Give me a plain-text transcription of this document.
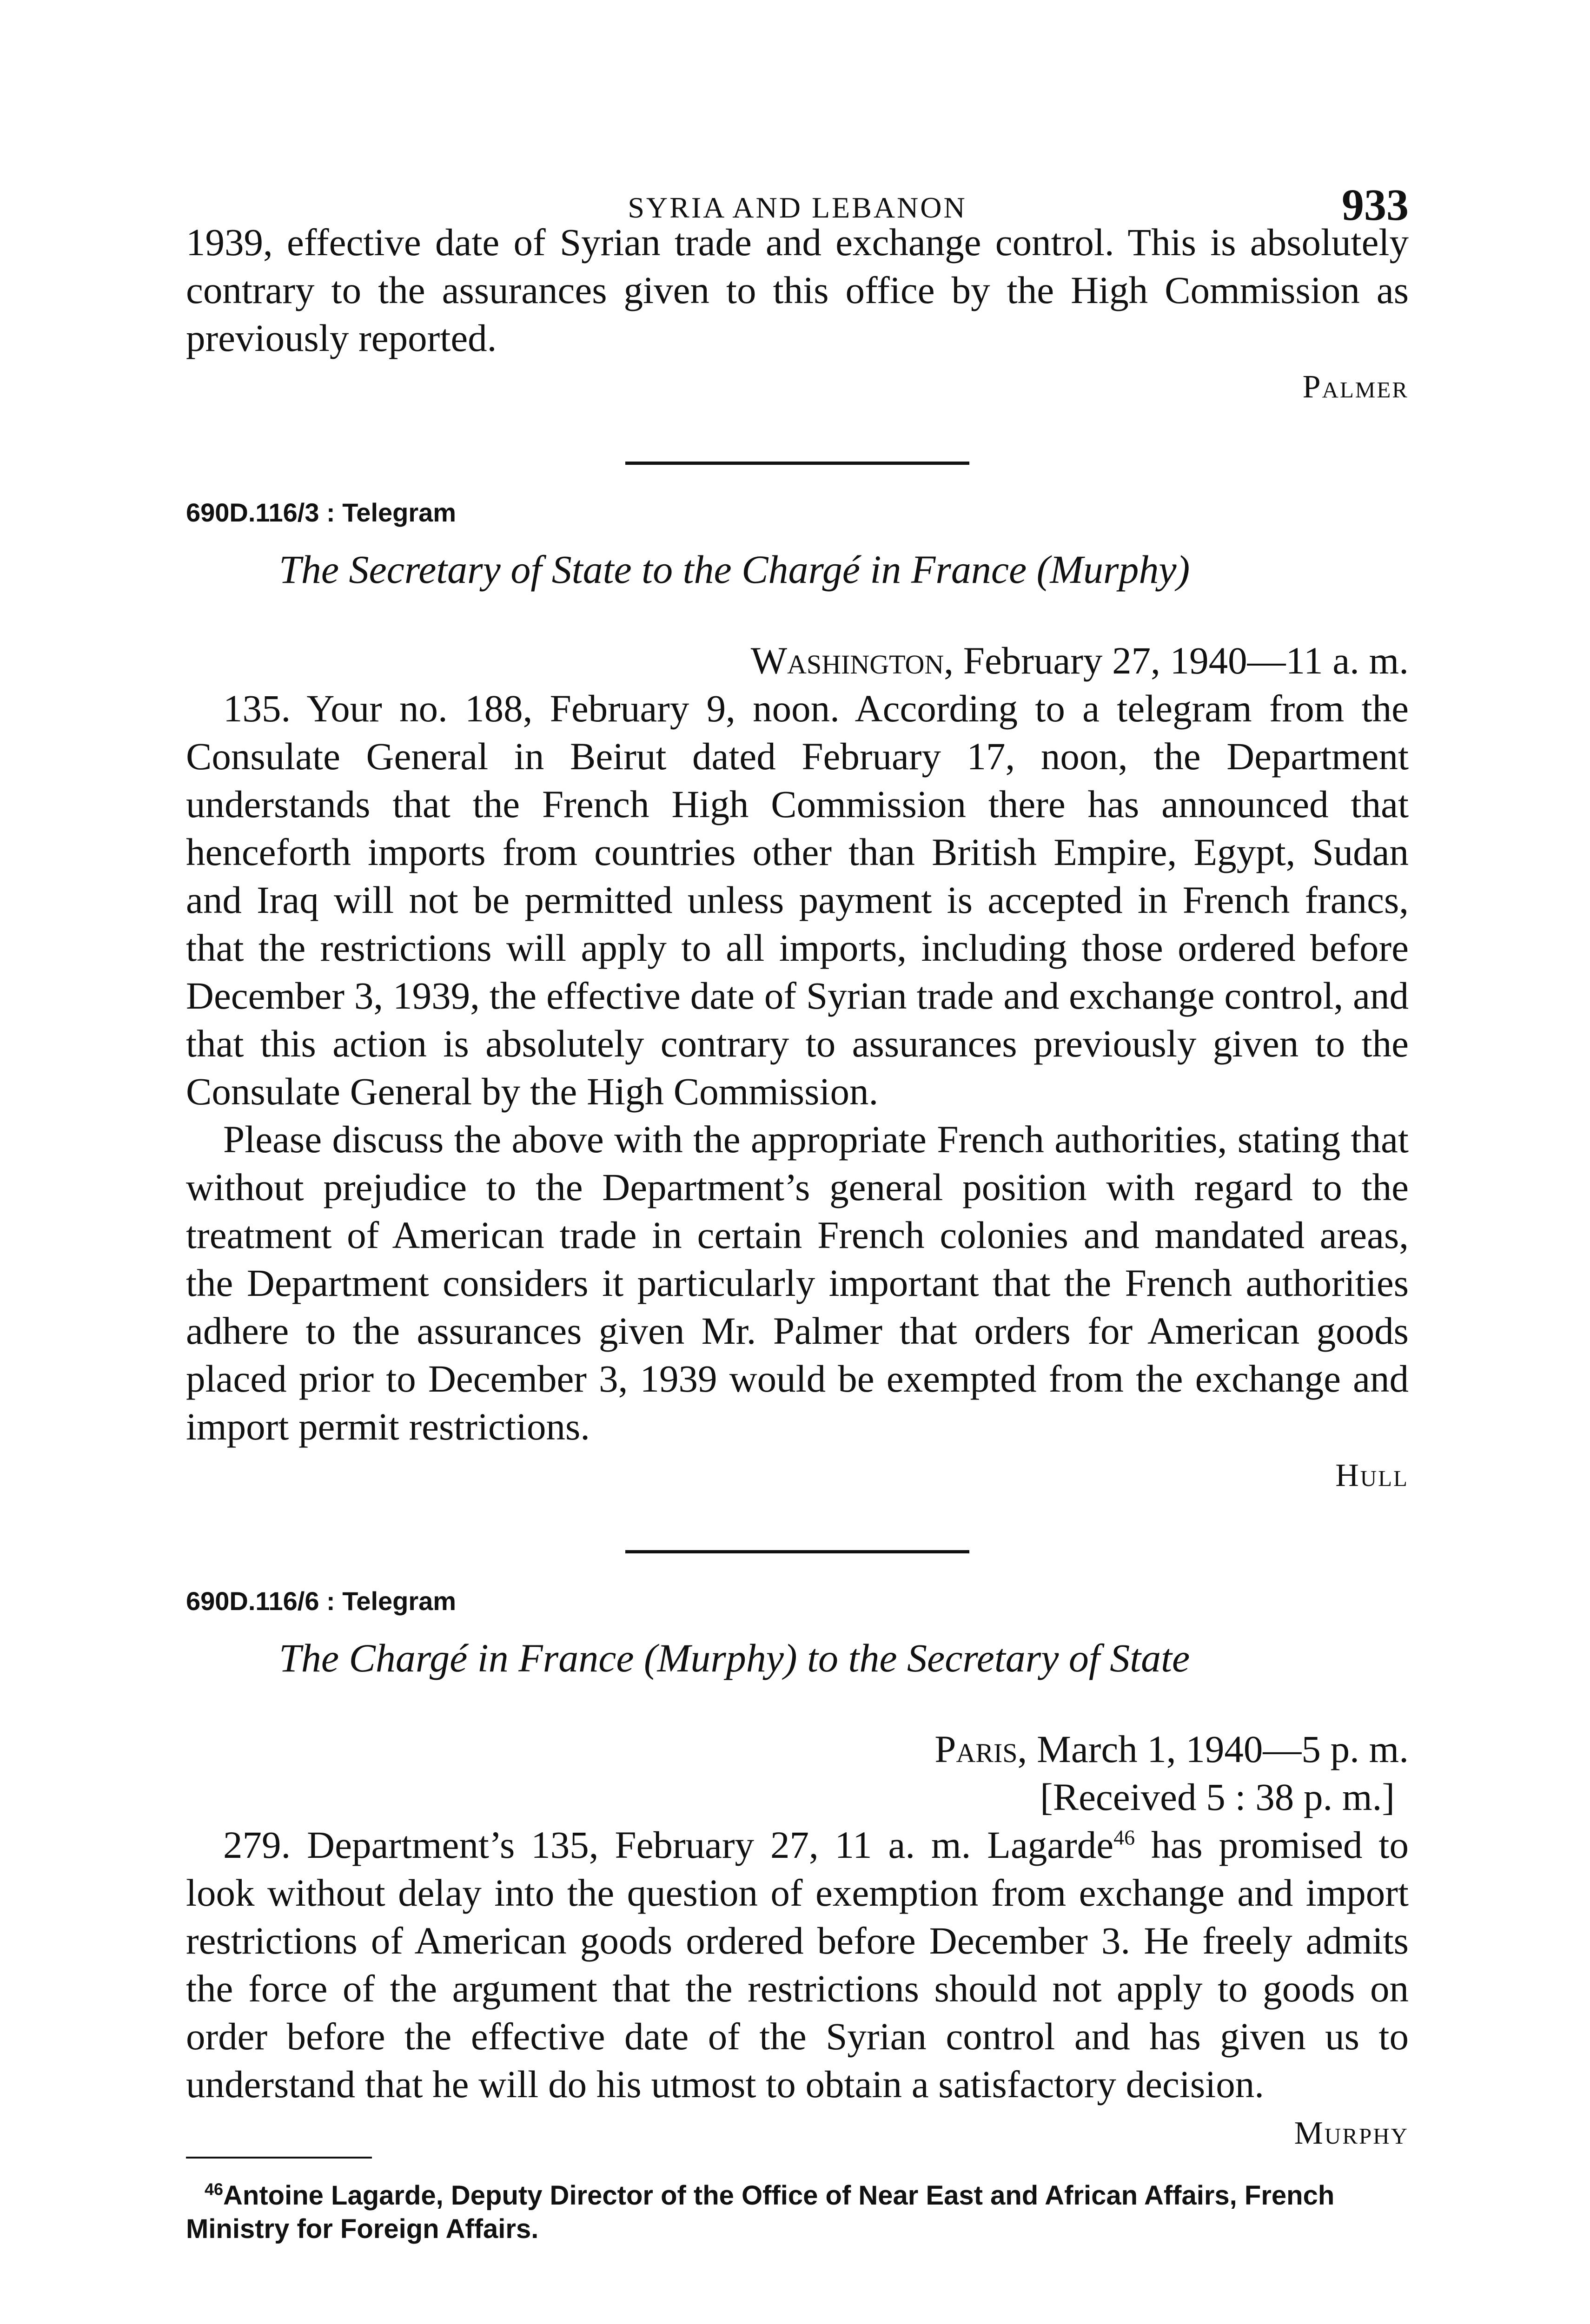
SYRIA AND LEBANON	933

1939, effective date of Syrian trade and exchange control. This is absolutely contrary to the assurances given to this office by the High Commission as previously reported.

Palmer
690D.116/3 : Telegram
The Secretary of State to the Chargé in France (Murphy)
Washington, February 27, 1940—11 a. m.

135. Your no. 188, February 9, noon. According to a telegram from the Consulate General in Beirut dated February 17, noon, the Department understands that the French High Commission there has announced that henceforth imports from countries other than British Empire, Egypt, Sudan and Iraq will not be permitted unless payment is accepted in French francs, that the restrictions will apply to all imports, including those ordered before December 3, 1939, the effective date of Syrian trade and exchange control, and that this action is absolutely contrary to assurances previously given to the Consulate General by the High Commission.

Please discuss the above with the appropriate French authorities, stating that without prejudice to the Department’s general position with regard to the treatment of American trade in certain French colonies and mandated areas, the Department considers it particularly important that the French authorities adhere to the assurances given Mr. Palmer that orders for American goods placed prior to December 3, 1939 would be exempted from the exchange and import permit restrictions.

Hull
690D.116/6 : Telegram
The Chargé in France (Murphy) to the Secretary of State
Paris, March 1, 1940—5 p. m.
[Received 5 : 38 p. m.]

279. Department’s 135, February 27, 11 a. m. Lagarde$^{46}$ has promised to look without delay into the question of exemption from exchange and import restrictions of American goods ordered before December 3. He freely admits the force of the argument that the restrictions should not apply to goods on order before the effective date of the Syrian control and has given us to understand that he will do his utmost to obtain a satisfactory decision.

Murphy

$^{46}$Antoine Lagarde, Deputy Director of the Office of Near East and African Affairs, French Ministry for Foreign Affairs.
